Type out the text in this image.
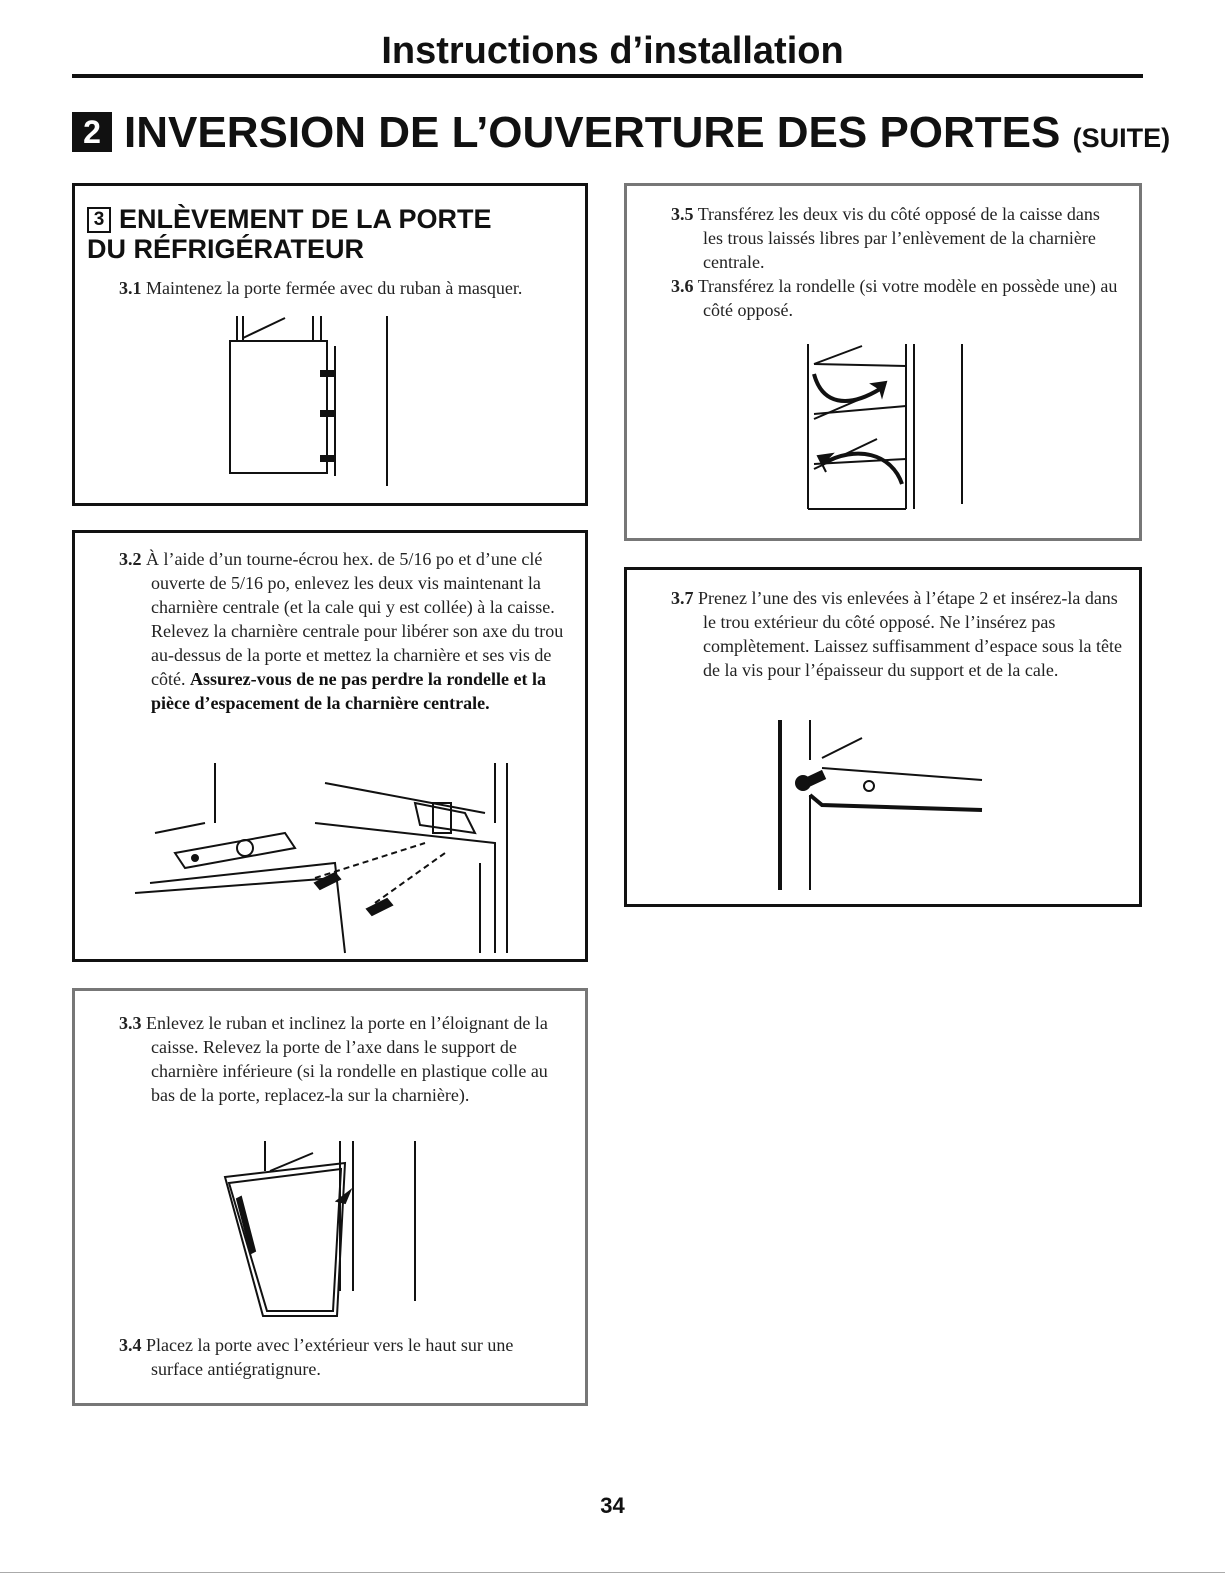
Instructions d’installation
2 INVERSION DE L’OUVERTURE DES PORTES (SUITE)
3 ENLÈVEMENT DE LA PORTE
DU RÉFRIGÉRATEUR
3.1 Maintenez la porte fermée avec du ruban à masquer.
3.2 À l’aide d’un tourne-écrou hex. de 5/16 po et d’une clé ouverte de 5/16 po, enlevez les deux vis maintenant la charnière centrale (et la cale qui y est collée) à la caisse. Relevez la charnière centrale pour libérer son axe du trou au-dessus de la porte et mettez la charnière et ses vis de côté. Assurez-vous de ne pas perdre la rondelle et la pièce d’espacement de la charnière centrale.
3.3 Enlevez le ruban et inclinez la porte en l’éloignant de la caisse. Relevez la porte de l’axe dans le support de charnière inférieure (si la rondelle en plastique colle au bas de la porte, replacez-la sur la charnière).
3.4 Placez la porte avec l’extérieur vers le haut sur une surface antiégratignure.
3.5 Transférez les deux vis du côté opposé de la caisse dans les trous laissés libres par l’enlèvement de la charnière centrale.
3.6 Transférez la rondelle (si votre modèle en possède une) au côté opposé.
3.7 Prenez l’une des vis enlevées à l’étape 2 et insérez-la dans le trou extérieur du côté opposé. Ne l’insérez pas complètement. Laissez suffisamment d’espace sous la tête de la vis pour l’épaisseur du support et de la cale.
34
